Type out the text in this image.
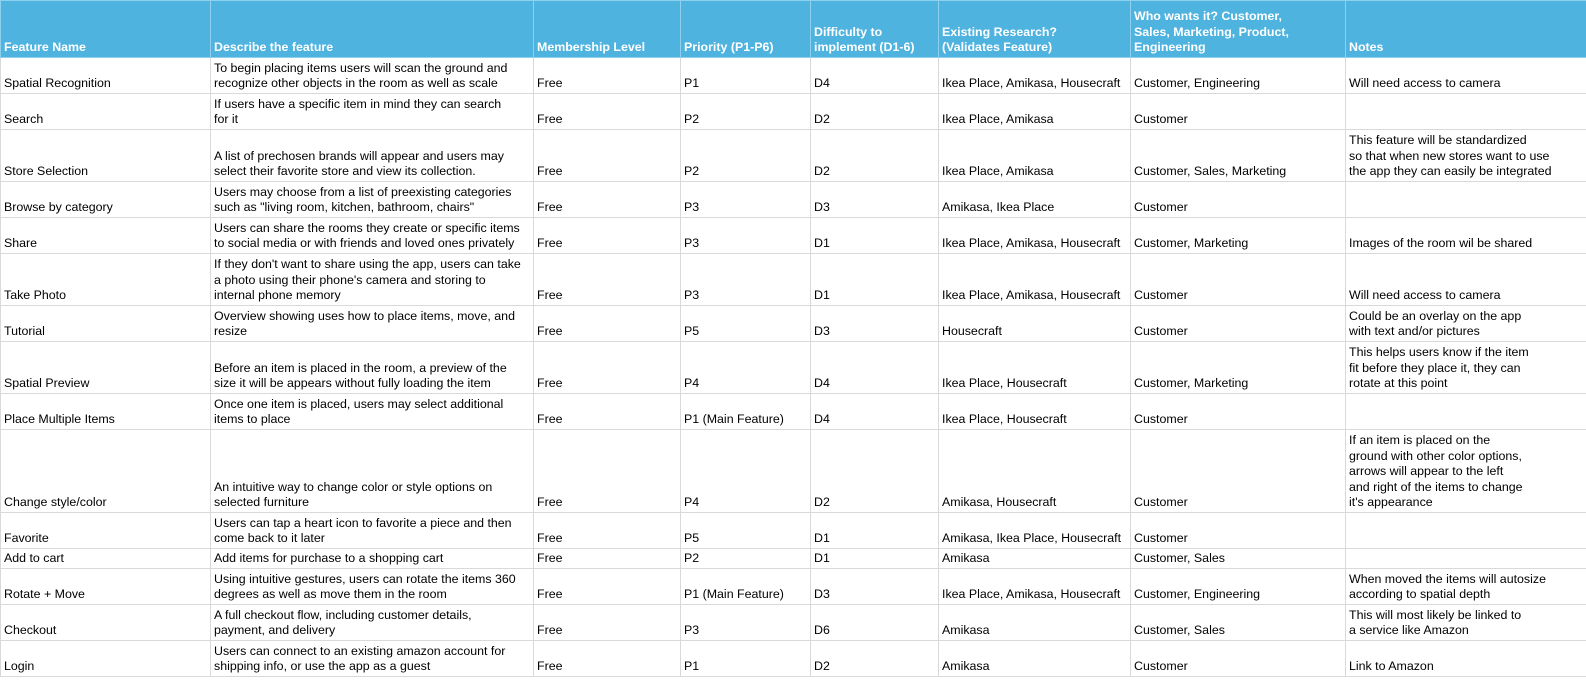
Feature Name	Describe the feature	Membership Level	Priority (P1-P6)	Difficulty to
implement (D1-6)	Existing Research?
(Validates Feature)	Who wants it? Customer,
Sales, Marketing, Product,
Engineering	Notes
Spatial Recognition	To begin placing items users will scan the ground and
recognize other objects in the room as well as scale	Free	P1	D4	Ikea Place, Amikasa, Housecraft	Customer, Engineering	Will need access to camera
Search	If users have a specific item in mind they can search
for it	Free	P2	D2	Ikea Place, Amikasa	Customer	
Store Selection	A list of prechosen brands will appear and users may
select their favorite store and view its collection.	Free	P2	D2	Ikea Place, Amikasa	Customer, Sales, Marketing	This feature will be standardized
so that when new stores want to use
the app they can easily be integrated
Browse by category	Users may choose from a list of preexisting categories
such as "living room, kitchen, bathroom, chairs"	Free	P3	D3	Amikasa, Ikea Place	Customer	
Share	Users can share the rooms they create or specific items
to social media or with friends and loved ones privately	Free	P3	D1	Ikea Place, Amikasa, Housecraft	Customer, Marketing	Images of the room wil be shared
Take Photo	If they don't want to share using the app, users can take
a photo using their phone's camera and storing to
internal phone memory	Free	P3	D1	Ikea Place, Amikasa, Housecraft	Customer	Will need access to camera
Tutorial	Overview showing uses how to place items, move, and
resize	Free	P5	D3	Housecraft	Customer	Could be an overlay on the app
with text and/or pictures
Spatial Preview	Before an item is placed in the room, a preview of the
size it will be appears without fully loading the item	Free	P4	D4	Ikea Place, Housecraft	Customer, Marketing	This helps users know if the item
fit before they place it, they can
rotate at this point
Place Multiple Items	Once one item is placed, users may select additional
items to place	Free	P1 (Main Feature)	D4	Ikea Place, Housecraft	Customer	
Change style/color	An intuitive way to change color or style options on
selected furniture	Free	P4	D2	Amikasa, Housecraft	Customer	If an item is placed on the
ground with other color options,
arrows will appear to the left
and right of the items to change
it's appearance
Favorite	Users can tap a heart icon to favorite a piece and then
come back to it later	Free	P5	D1	Amikasa, Ikea Place, Housecraft	Customer	
Add to cart	Add items for purchase to a shopping cart	Free	P2	D1	Amikasa	Customer, Sales	
Rotate + Move	Using intuitive gestures, users can rotate the items 360
degrees as well as move them in the room	Free	P1 (Main Feature)	D3	Ikea Place, Amikasa, Housecraft	Customer, Engineering	When moved the items will autosize
according to spatial depth
Checkout	A full checkout flow, including customer details,
payment, and delivery	Free	P3	D6	Amikasa	Customer, Sales	This will most likely be linked to
a service like Amazon
Login	Users can connect to an existing amazon account for
shipping info, or use the app as a guest	Free	P1	D2	Amikasa	Customer	Link to Amazon
